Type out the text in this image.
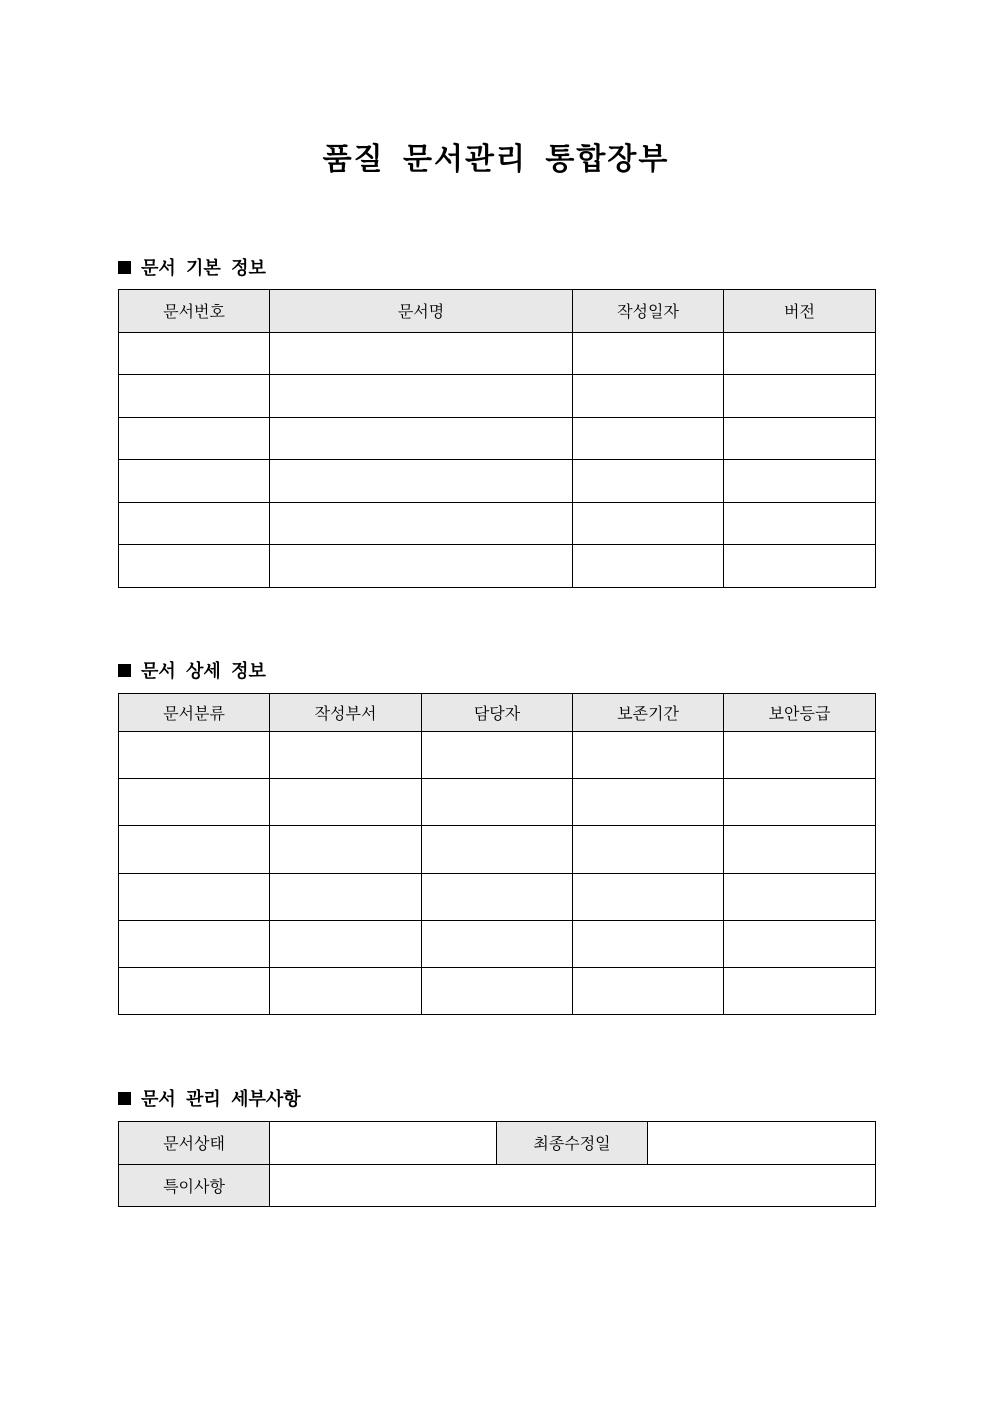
품질 문서관리 통합장부
문서 기본 정보
문서번호	문서명	작성일자	버전

문서 상세 정보
문서분류	작성부서	담당자	보존기간	보안등급

문서 관리 세부사항
문서상태		최종수정일	
특이사항			
